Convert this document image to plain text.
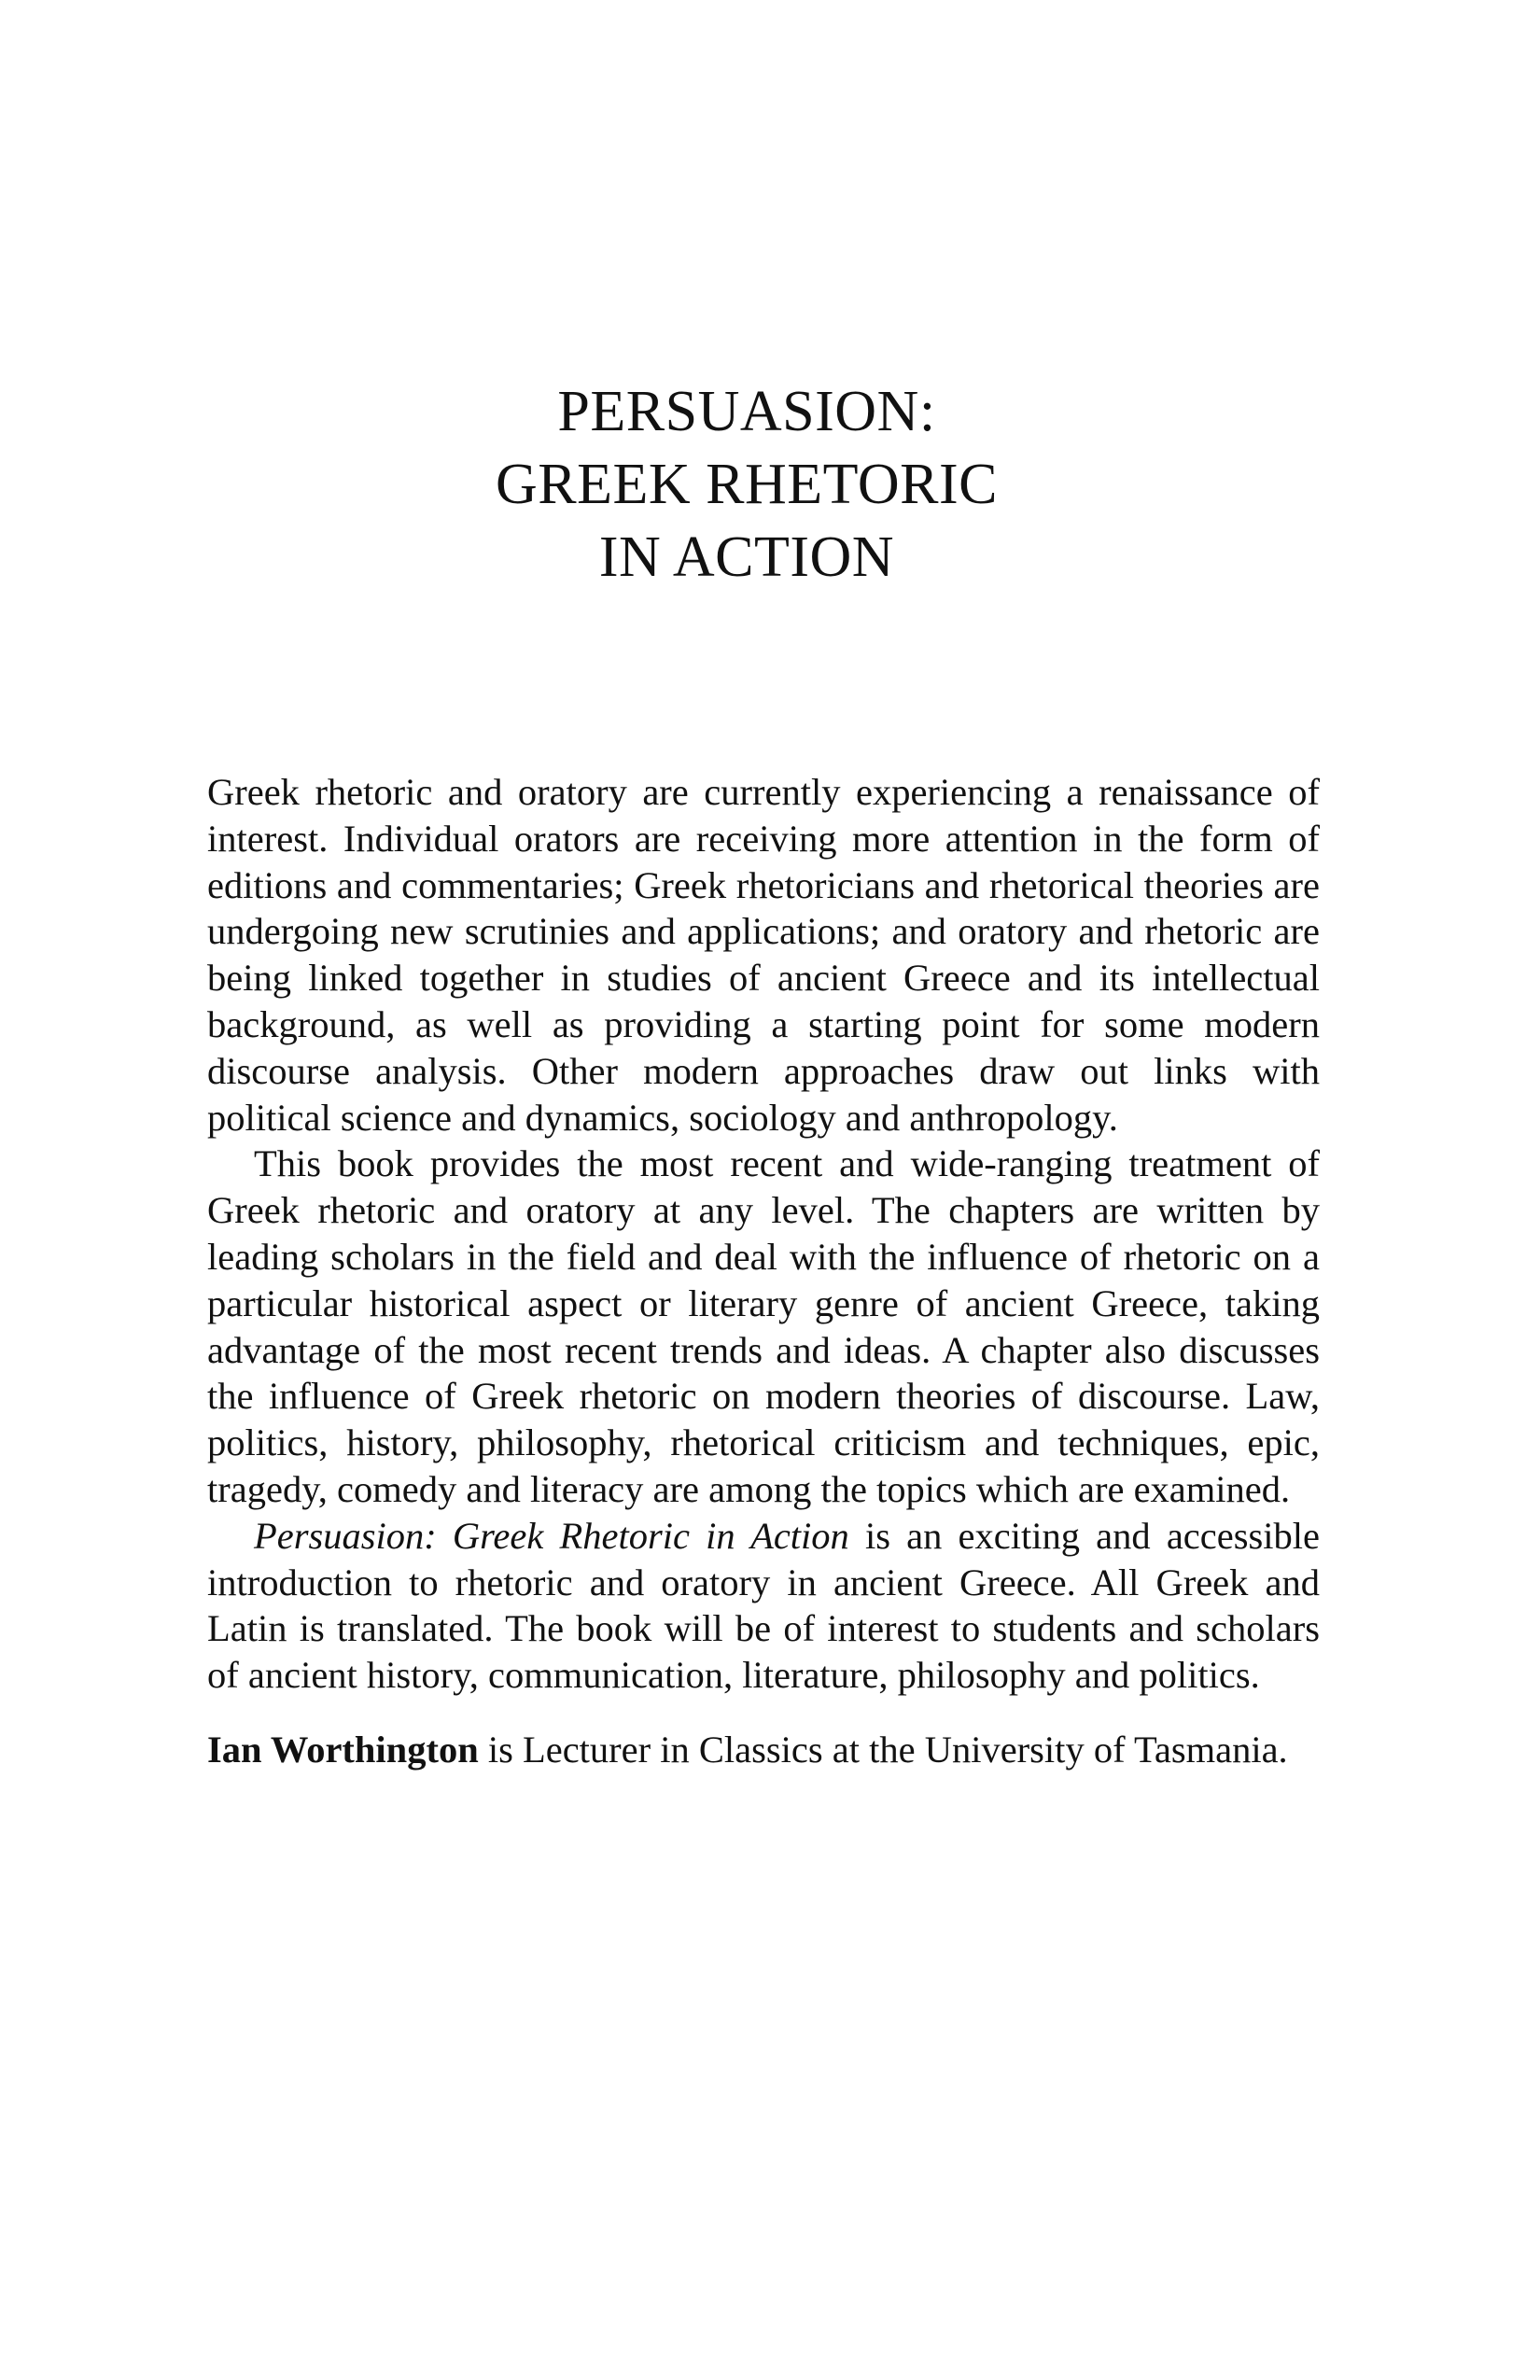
PERSUASION:
GREEK RHETORIC
IN ACTION

Greek rhetoric and oratory are currently experiencing a renaissance of interest. Individual orators are receiving more attention in the form of editions and commentaries; Greek rhetoricians and rhetorical theories are undergoing new scrutinies and applications; and oratory and rhetoric are being linked together in studies of ancient Greece and its intellectual background, as well as providing a starting point for some modern discourse analysis. Other modern approaches draw out links with political science and dynamics, sociology and anthropology.

This book provides the most recent and wide-ranging treatment of Greek rhetoric and oratory at any level. The chapters are written by leading scholars in the field and deal with the influence of rhetoric on a particular historical aspect or literary genre of ancient Greece, taking advantage of the most recent trends and ideas. A chapter also discusses the influence of Greek rhetoric on modern theories of discourse. Law, politics, history, philosophy, rhetorical criticism and techniques, epic, tragedy, comedy and literacy are among the topics which are examined.

Persuasion: Greek Rhetoric in Action is an exciting and accessible introduction to rhetoric and oratory in ancient Greece. All Greek and Latin is translated. The book will be of interest to students and scholars of ancient history, communication, literature, philosophy and politics.

Ian Worthington is Lecturer in Classics at the University of Tasmania.
